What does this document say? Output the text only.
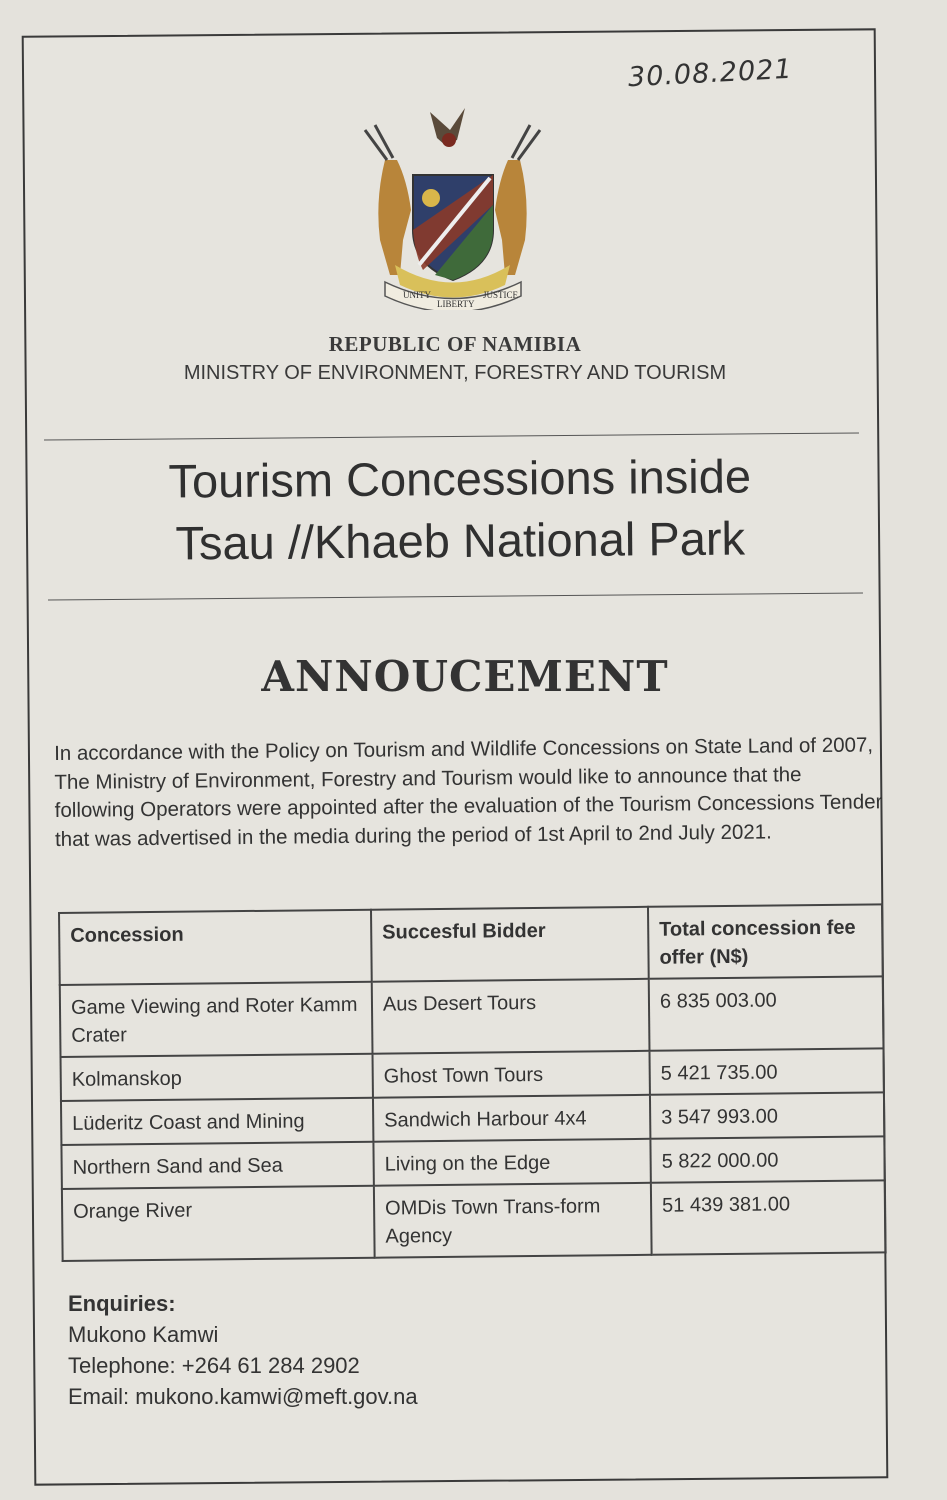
30.08.2021
UNITY
LIBERTY
JUSTICE
REPUBLIC OF NAMIBIA
MINISTRY OF ENVIRONMENT, FORESTRY AND TOURISM
Tourism Concessions inside
Tsau //Khaeb National Park
ANNOUCEMENT
In accordance with the Policy on Tourism and Wildlife Concessions on State Land of 2007, The Ministry of Environment, Forestry and Tourism would like to announce that the following Operators were appointed after the evaluation of the Tourism Concessions Tender that was advertised in the media during the period of 1st April to 2nd July 2021.
Concession	Succesful Bidder	Total concession fee offer (N$)
Game Viewing and Roter Kamm Crater	Aus Desert Tours	6 835 003.00
Kolmanskop	Ghost Town Tours	5 421 735.00
Lüderitz Coast and Mining	Sandwich Harbour 4x4	3 547 993.00
Northern Sand and Sea	Living on the Edge	5 822 000.00
Orange River	OMDis Town Trans-form Agency	51 439 381.00
Enquiries:
Mukono Kamwi
Telephone: +264 61 284 2902
Email: mukono.kamwi@meft.gov.na
